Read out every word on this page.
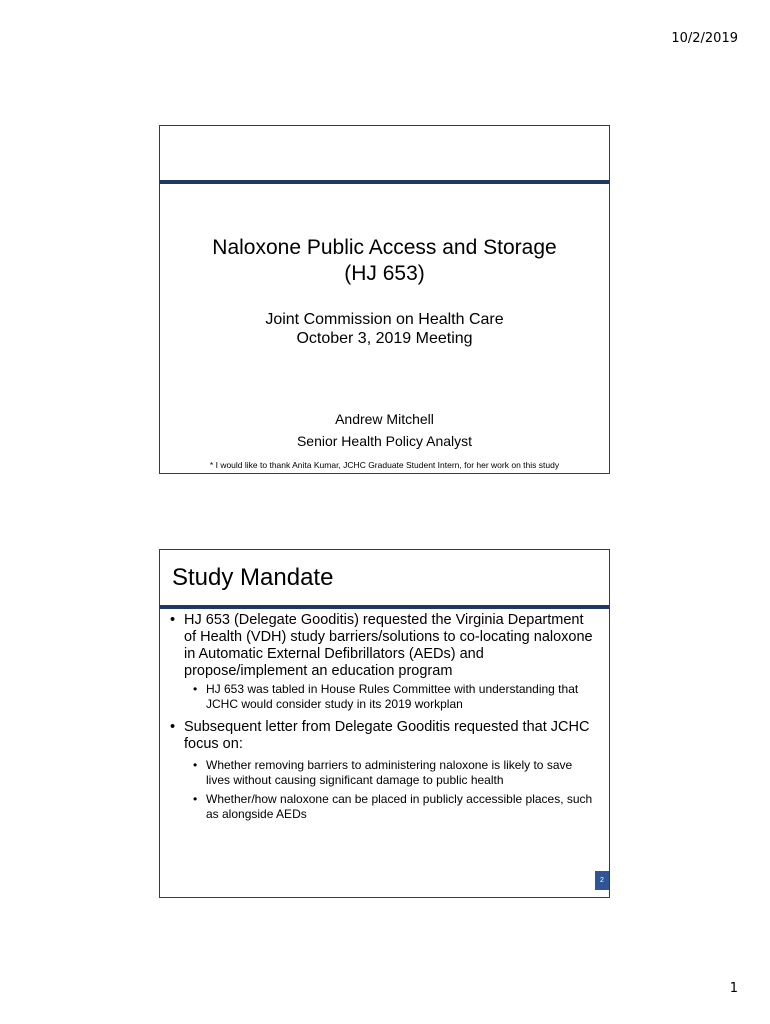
10/2/2019
Naloxone Public Access and Storage
(HJ 653)
Joint Commission on Health Care
October 3, 2019 Meeting
Andrew Mitchell
Senior Health Policy Analyst
* I would like to thank Anita Kumar, JCHC Graduate Student Intern, for her work on this study
Study Mandate
• HJ 653 (Delegate Gooditis) requested the Virginia Department of Health (VDH) study barriers/solutions to co-locating naloxone in Automatic External Defibrillators (AEDs) and propose/implement an education program
• HJ 653 was tabled in House Rules Committee with understanding that JCHC would consider study in its 2019 workplan
• Subsequent letter from Delegate Gooditis requested that JCHC focus on:
• Whether removing barriers to administering naloxone is likely to save lives without causing significant damage to public health
• Whether/how naloxone can be placed in publicly accessible places, such as alongside AEDs
2
1
